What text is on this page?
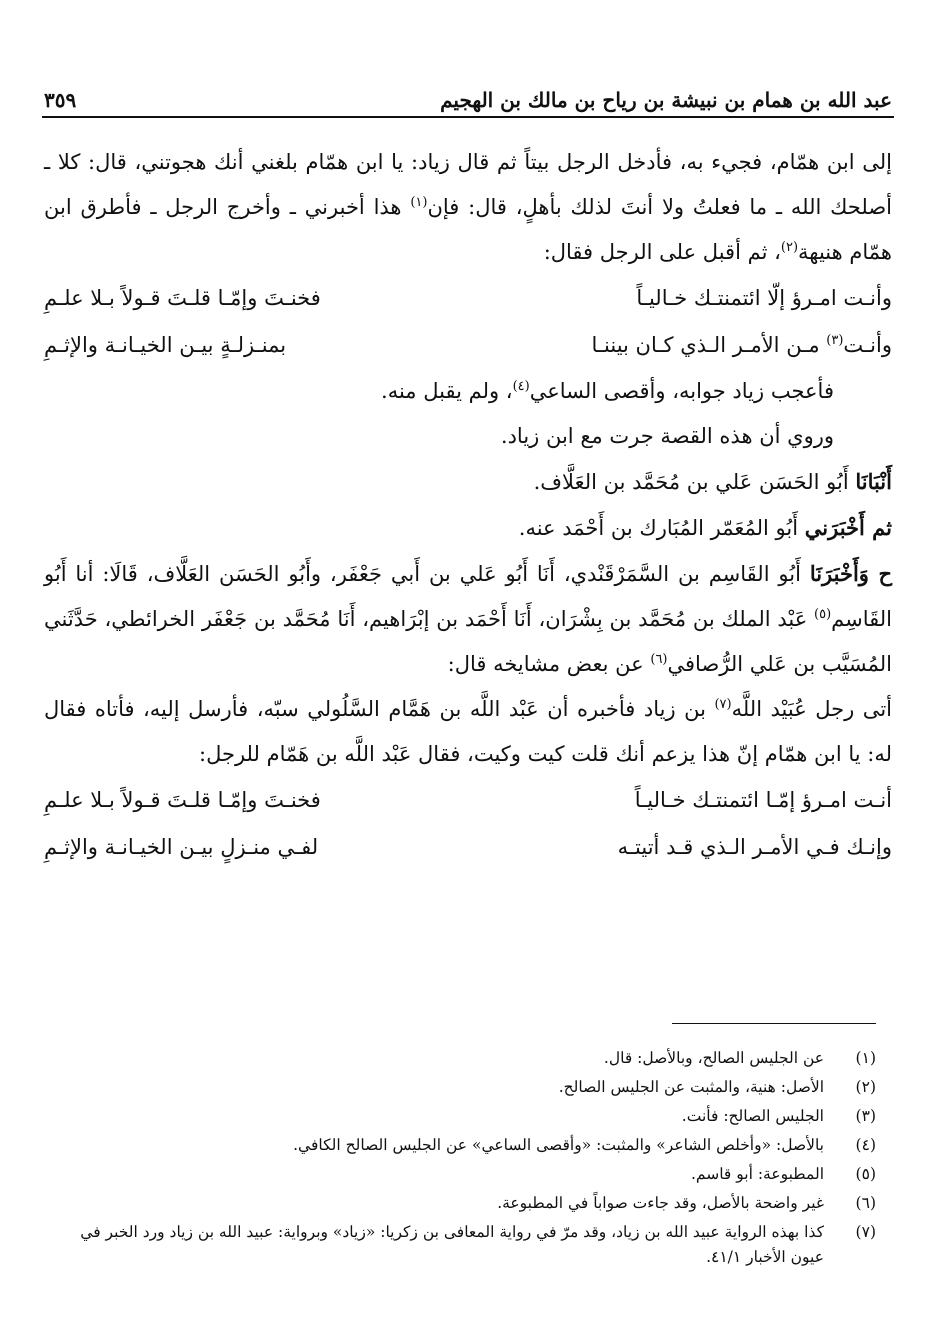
عبد الله بن همام بن نبيشة بن رياح بن مالك بن الهجيم
٣٥٩

إلى ابن همّام، فجيء به، فأدخل الرجل بيتاً ثم قال زياد: يا ابن همّام بلغني أنك هجوتني، قال: كلا ـ أصلحك الله ـ ما فعلتُ ولا أنتَ لذلك بأهلٍ، قال: فإن$^{(١)}$ هذا أخبرني ـ وأخرج الرجل ـ فأطرق ابن همّام هنيهة$^{(٢)}$، ثم أقبل على الرجل فقال:

وأنـت امـرؤ إلّا ائتمنتـك خـاليـاً
فخنـتَ وإمّـا قلـتَ قـولاً بـلا علـمِ
وأنـت$^{(٣)}$ مـن الأمـر الـذي كـان بيننـا
بمنـزلـةٍ بيـن الخيـانـة والإثـمِ

فأعجب زياد جوابه، وأقصى الساعي$^{(٤)}$، ولم يقبل منه.

وروي أن هذه القصة جرت مع ابن زياد.

أَنْبَانَا أَبُو الحَسَن عَلي بن مُحَمَّد بن العَلَّاف.

ثم أَخْبَرَني أَبُو المُعَمّر المُبَارك بن أَحْمَد عنه.

ح وَأَخْبَرَنَا أَبُو القَاسِم بن السَّمَرْقَنْدي، أَنَا أَبُو عَلي بن أَبي جَعْفَر، وأَبُو الحَسَن العَلَّاف، قَالَا: أنا أَبُو القَاسِم$^{(٥)}$ عَبْد الملك بن مُحَمَّد بن بِشْرَان، أَنَا أَحْمَد بن إبْرَاهيم، أَنَا مُحَمَّد بن جَعْفَر الخرائطي، حَدَّثَني المُسَيَّب بن عَلي الرُّصافي$^{(٦)}$ عن بعض مشايخه قال:

أتى رجل عُبَيْد اللَّه$^{(٧)}$ بن زياد فأخبره أن عَبْد اللَّه بن هَمَّام السَّلُولي سبّه، فأرسل إليه، فأتاه فقال له: يا ابن همّام إنّ هذا يزعم أنك قلت كيت وكيت، فقال عَبْد اللَّه بن هَمّام للرجل:

أنـت امـرؤ إمّـا ائتمنتـك خـاليـاً
فخنـتَ وإمّـا قلـتَ قـولاً بـلا علـمِ
وإنـك فـي الأمـر الـذي قـد أتيتـه
لفـي منـزلٍ بيـن الخيـانـة والإثـمِ
(١)
عن الجليس الصالح، وبالأصل: قال.
(٢)
الأصل: هنية، والمثبت عن الجليس الصالح.
(٣)
الجليس الصالح: فأنت.
(٤)
بالأصل: «وأخلص الشاعر» والمثبت: «وأقصى الساعي» عن الجليس الصالح الكافي.
(٥)
المطبوعة: أبو قاسم.
(٦)
غير واضحة بالأصل، وقد جاءت صواباً في المطبوعة.
(٧)
كذا بهذه الرواية عبيد الله بن زياد، وقد مرّ في رواية المعافى بن زكريا: «زياد» وبرواية: عبيد الله بن زياد ورد الخبر في عيون الأخبار ٤١/١.
